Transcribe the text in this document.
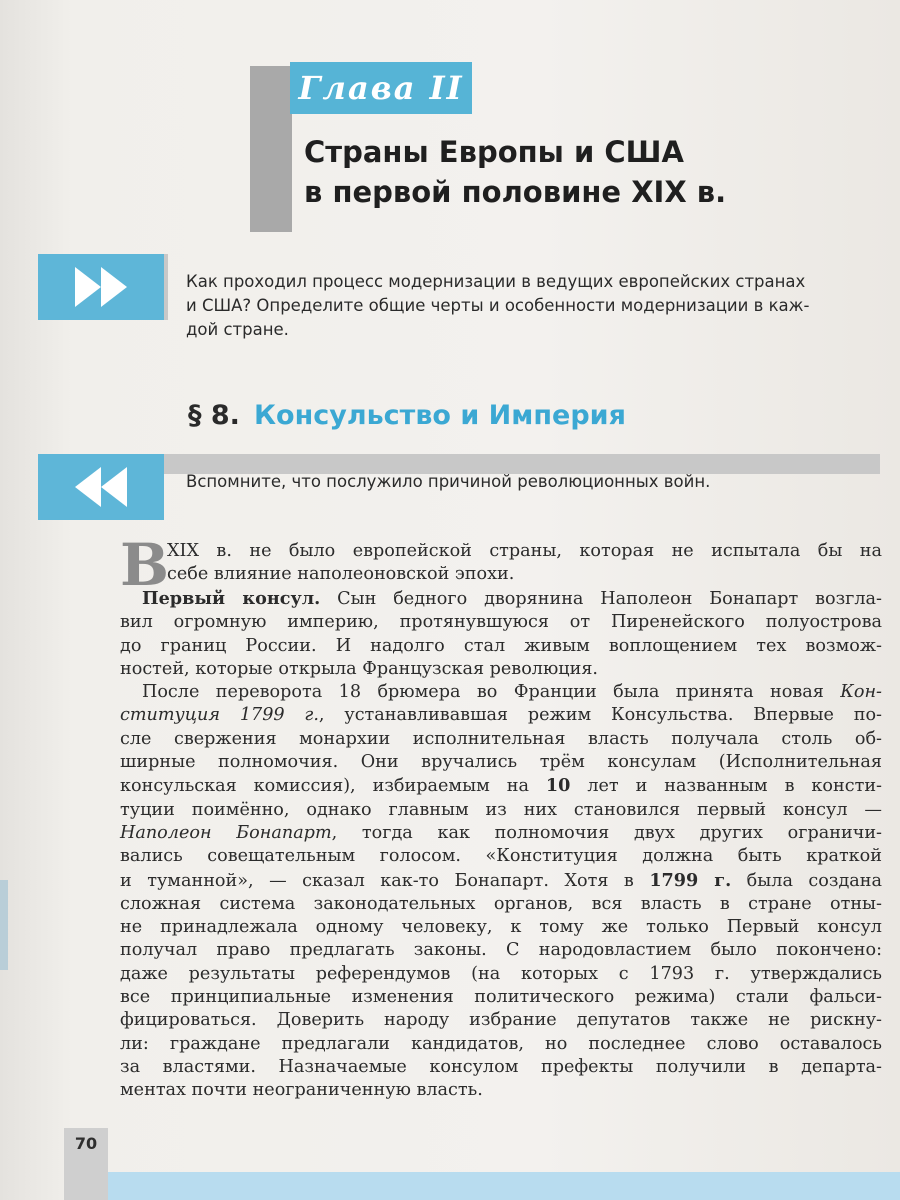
Глава II
Страны Европы и США
в первой половине XIX в.
Как проходил процесс модернизации в ведущих европейских странах
и США? Определите общие черты и особенности модернизации в каж-
дой стране.
§ 8. Консульство и Империя
Вспомните, что послужило причиной революционных войн.
В
XIX в. не было европейской страны, которая не испытала бы на
себе влияние наполеоновской эпохи.

Первый консул. Сын бедного дворянина Наполеон Бонапарт возгла-
вил огромную империю, протянувшуюся от Пиренейского полуострова
до границ России. И надолго стал живым воплощением тех возмож-
ностей, которые открыла Французская революция.

После переворота 18 брюмера во Франции была принята новая Кон-
ституция 1799 г., устанавливавшая режим Консульства. Впервые по-
сле свержения монархии исполнительная власть получала столь об-
ширные полномочия. Они вручались трём консулам (Исполнительная
консульская комиссия), избираемым на 10 лет и названным в консти-
туции поимённо, однако главным из них становился первый консул —
Наполеон Бонапарт, тогда как полномочия двух других ограничи-
вались совещательным голосом. «Конституция должна быть краткой
и туманной», — сказал как-то Бонапарт. Хотя в 1799 г. была создана
сложная система законодательных органов, вся власть в стране отны-
не принадлежала одному человеку, к тому же только Первый консул
получал право предлагать законы. С народовластием было покончено:
даже результаты референдумов (на которых с 1793 г. утверждались
все принципиальные изменения политического режима) стали фальси-
фицироваться. Доверить народу избрание депутатов также не рискну-
ли: граждане предлагали кандидатов, но последнее слово оставалось
за властями. Назначаемые консулом префекты получили в департа-
ментах почти неограниченную власть.

70
